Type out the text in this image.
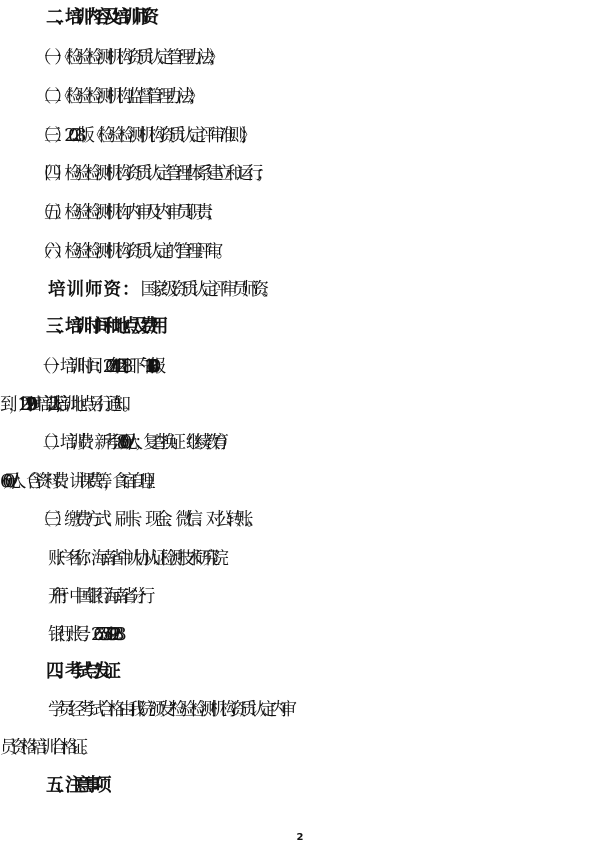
二、培训内容及培训师资
（一）《检验检测机构资质认定管理办法》；
（二）《检验检测机构监督管理办法》；
（三）2023 版《检验检测机构资质认定评审准则》；
（四）检验检测机构资质认定管理体系建立和运行；
（五）检验检测机构内审及内审员职责；
（六）检验检测机构资质认定的管理评审。
培训师资：国家级资质认定评审员师资。
三、培训时间和地点及费用
（一）培训时间：2024 年 12 月 18 日下午 14:30-18:00 报
到，12 月 19-20 日培训 2 天;培训地点另行通知。
（二）培训费：新考证 800 元/人；复查换证（继续教育）
600 元/人（含资料费、讲课费等，食宿自理）。
（三）缴费方式：刷卡、现金、微信、对公转账。
账户名称：海南省中认协认证检测技术研究院
开  户  行：中国银行海南省分行
银行账号：267535499233
四、考试与发证
学员经考试合格由我院颁发“检验检测机构资质认定内审
员资格培训合格证。
五、注意事项
2
